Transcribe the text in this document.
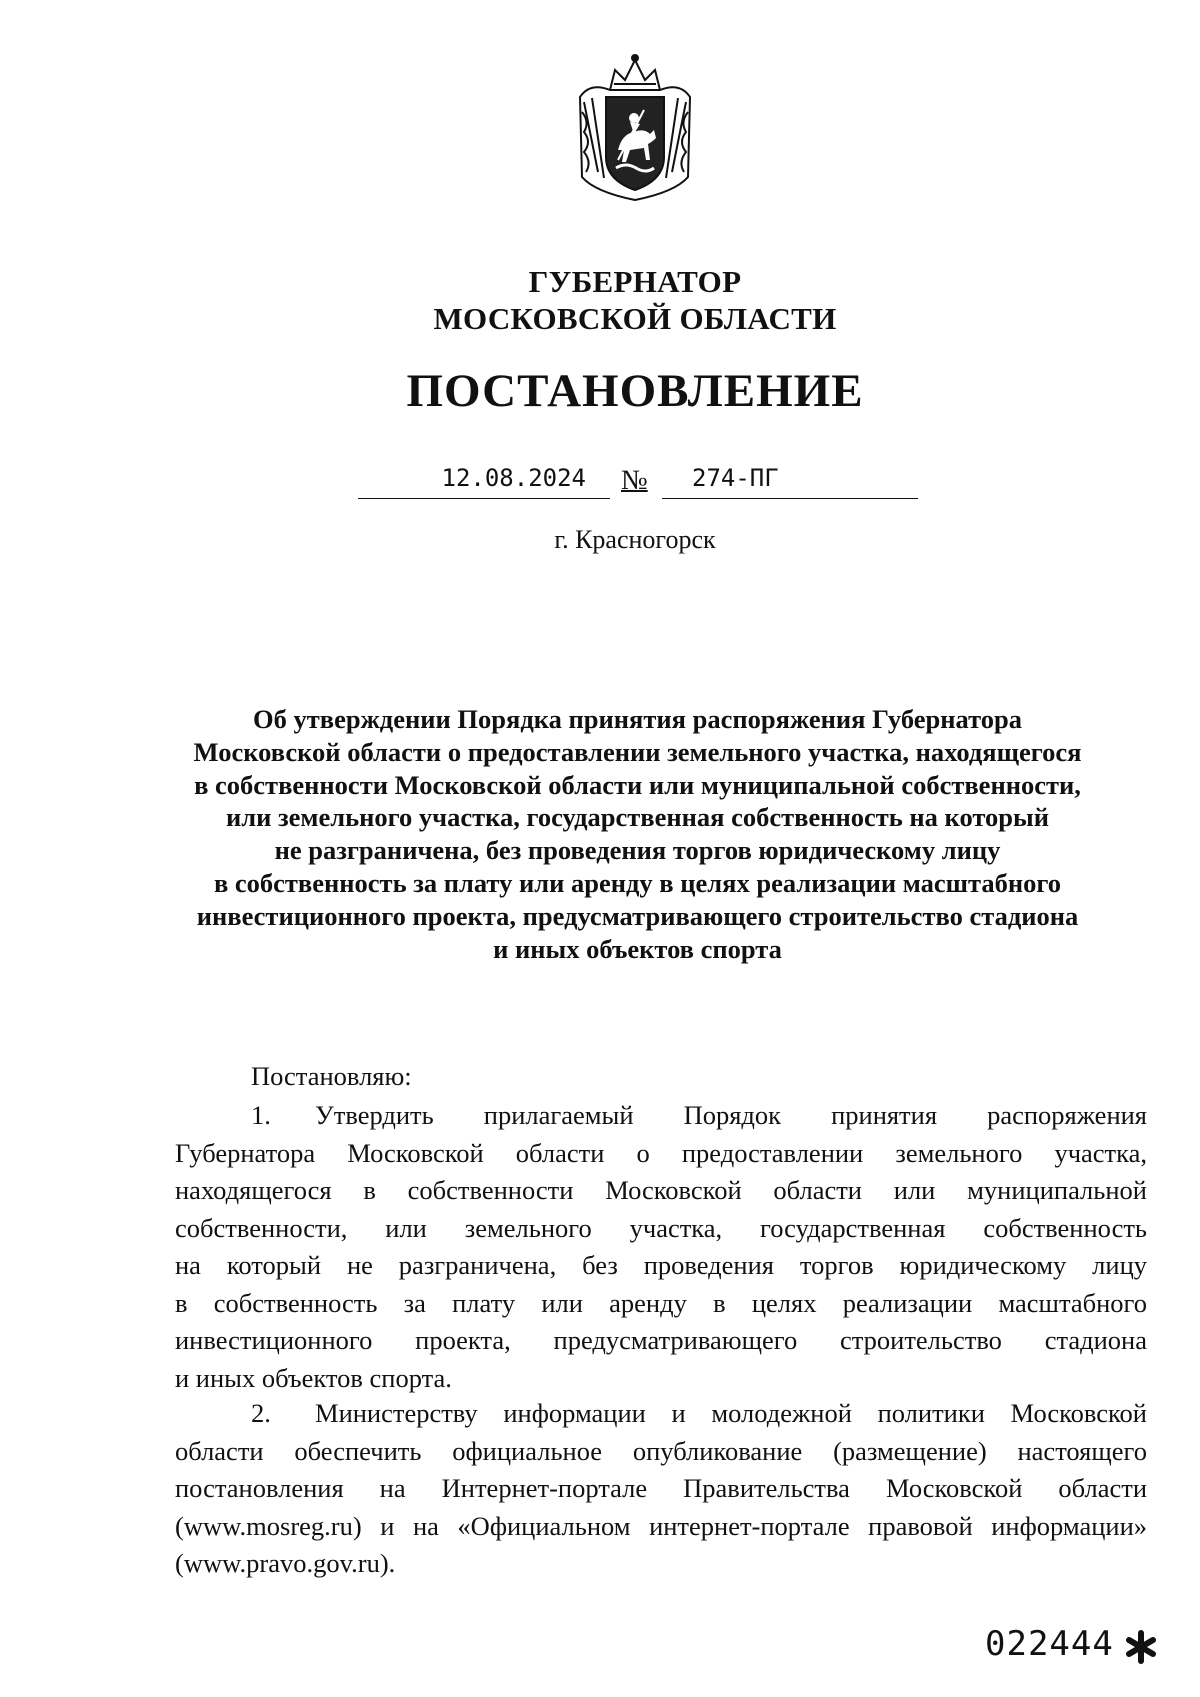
ГУБЕРНАТОР
МОСКОВСКОЙ ОБЛАСТИ
ПОСТАНОВЛЕНИЕ
12.08.2024	№	274-ПГ
г. Красногорск
Об утверждении Порядка принятия распоряжения Губернатора
Московской области о предоставлении земельного участка, находящегося
в собственности Московской области или муниципальной собственности,
или земельного участка, государственная собственность на который
не разграничена, без проведения торгов юридическому лицу
в собственность за плату или аренду в целях реализации масштабного
инвестиционного проекта, предусматривающего строительство стадиона
и иных объектов спорта
Постановляю:
1.	Утвердить прилагаемый Порядок принятия распоряжения
Губернатора Московской области о предоставлении земельного участка,
находящегося в собственности Московской области или муниципальной
собственности, или земельного участка, государственная собственность
на который не разграничена, без проведения торгов юридическому лицу
в собственность за плату или аренду в целях реализации масштабного
инвестиционного проекта, предусматривающего строительство стадиона
и иных объектов спорта.
2.	Министерству информации и молодежной политики Московской
области обеспечить официальное опубликование (размещение) настоящего
постановления на Интернет-портале Правительства Московской области
(www.mosreg.ru) и на «Официальном интернет-портале правовой информации»
(www.pravo.gov.ru).
022444
